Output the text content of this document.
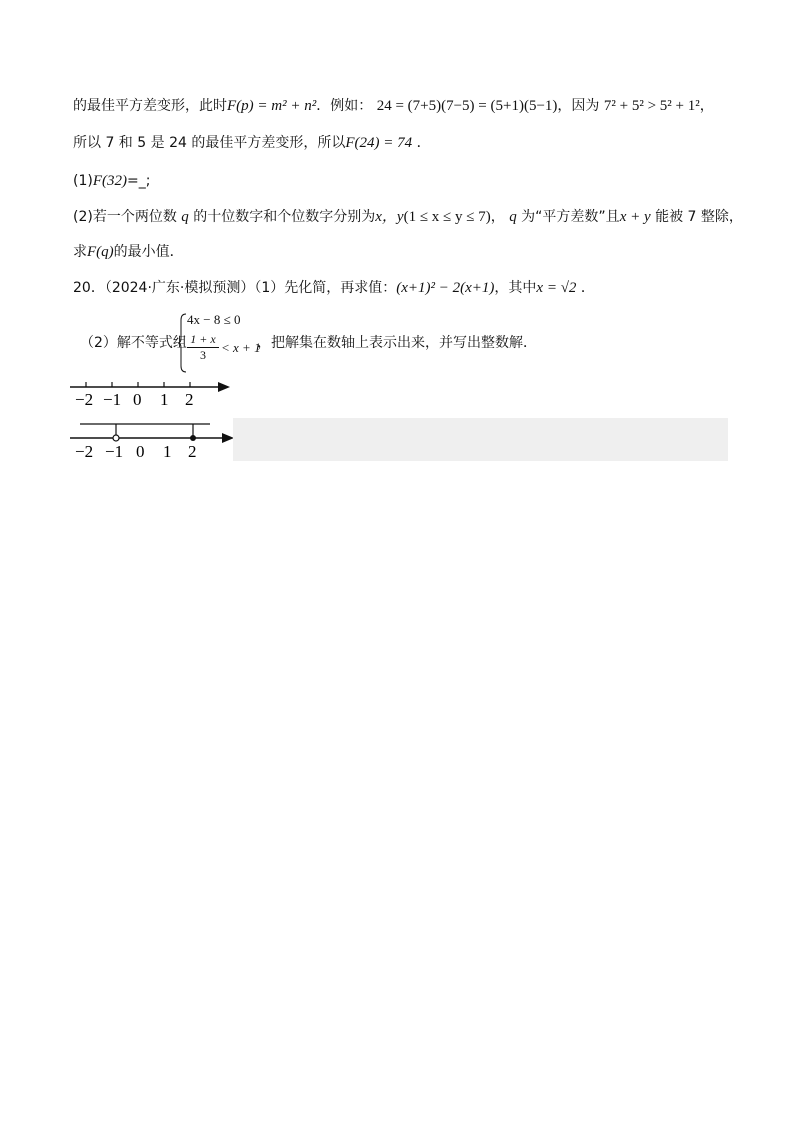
的最佳平方差变形，此时F(p) = m² + n²．例如： 24 = (7+5)(7−5) = (5+1)(5−1)，因为 7² + 5² > 5² + 1²，
所以 7 和 5 是 24 的最佳平方差变形，所以F(24) = 74 ．
(1)F(32)=_;
(2)若一个两位数 q 的十位数字和个位数字分别为x，y(1 ≤ x ≤ y ≤ 7)， q 为“平方差数”且x + y 能被 7 整除，
求F(q)的最小值．
20．（2024·广东·模拟预测）（1）先化简，再求值：(x+1)² − 2(x+1)，其中x = √2 ．
（2）解不等式组
4x − 8 ≤ 0
$\frac{1 + x}{3} < x + 1$
，把解集在数轴上表示出来，并写出整数解．
−2 −1 0 1 2
−2 −1 0 1 2
